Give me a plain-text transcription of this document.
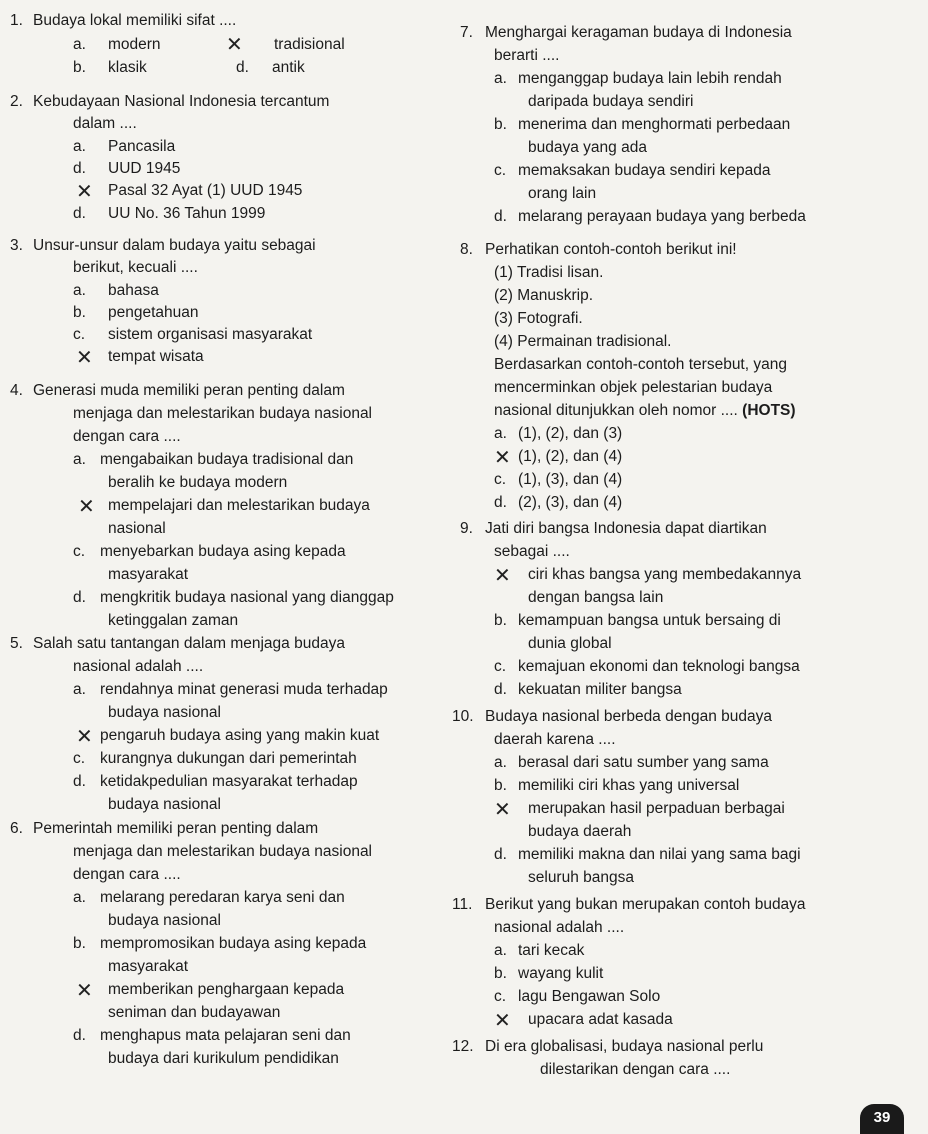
1. Budaya lokal memiliki sifat ....
a. modern	✕ tradisional
b. klasik	d. antik
2. Kebudayaan Nasional Indonesia tercantum
dalam ....
a. Pancasila
d. UUD 1945
✕ Pasal 32 Ayat (1) UUD 1945
d. UU No. 36 Tahun 1999
3. Unsur-unsur dalam budaya yaitu sebagai
berikut, kecuali ....
a. bahasa
b. pengetahuan
c. sistem organisasi masyarakat
✕ tempat wisata
4. Generasi muda memiliki peran penting dalam
menjaga dan melestarikan budaya nasional
dengan cara ....
a. mengabaikan budaya tradisional dan
beralih ke budaya modern
✕ mempelajari dan melestarikan budaya
nasional
c. menyebarkan budaya asing kepada
masyarakat
d. mengkritik budaya nasional yang dianggap
ketinggalan zaman
5. Salah satu tantangan dalam menjaga budaya
nasional adalah ....
a. rendahnya minat generasi muda terhadap
budaya nasional
✕ pengaruh budaya asing yang makin kuat
c. kurangnya dukungan dari pemerintah
d. ketidakpedulian masyarakat terhadap
budaya nasional
6. Pemerintah memiliki peran penting dalam
menjaga dan melestarikan budaya nasional
dengan cara ....
a. melarang peredaran karya seni dan
budaya nasional
b. mempromosikan budaya asing kepada
masyarakat
✕ memberikan penghargaan kepada
seniman dan budayawan
d. menghapus mata pelajaran seni dan
budaya dari kurikulum pendidikan
7. Menghargai keragaman budaya di Indonesia
berarti ....
a. menganggap budaya lain lebih rendah
daripada budaya sendiri
b. menerima dan menghormati perbedaan
budaya yang ada
c. memaksakan budaya sendiri kepada
orang lain
d. melarang perayaan budaya yang berbeda
8. Perhatikan contoh-contoh berikut ini!
(1) Tradisi lisan.
(2) Manuskrip.
(3) Fotografi.
(4) Permainan tradisional.
Berdasarkan contoh-contoh tersebut, yang
mencerminkan objek pelestarian budaya
nasional ditunjukkan oleh nomor .... (HOTS)
a. (1), (2), dan (3)
✕ (1), (2), dan (4)
c. (1), (3), dan (4)
d. (2), (3), dan (4)
9. Jati diri bangsa Indonesia dapat diartikan
sebagai ....
✕ ciri khas bangsa yang membedakannya
dengan bangsa lain
b. kemampuan bangsa untuk bersaing di
dunia global
c. kemajuan ekonomi dan teknologi bangsa
d. kekuatan militer bangsa
10. Budaya nasional berbeda dengan budaya
daerah karena ....
a. berasal dari satu sumber yang sama
b. memiliki ciri khas yang universal
✕ merupakan hasil perpaduan berbagai
budaya daerah
d. memiliki makna dan nilai yang sama bagi
seluruh bangsa
11. Berikut yang bukan merupakan contoh budaya
nasional adalah ....
a. tari kecak
b. wayang kulit
c. lagu Bengawan Solo
✕ upacara adat kasada
12. Di era globalisasi, budaya nasional perlu
dilestarikan dengan cara ....
39
